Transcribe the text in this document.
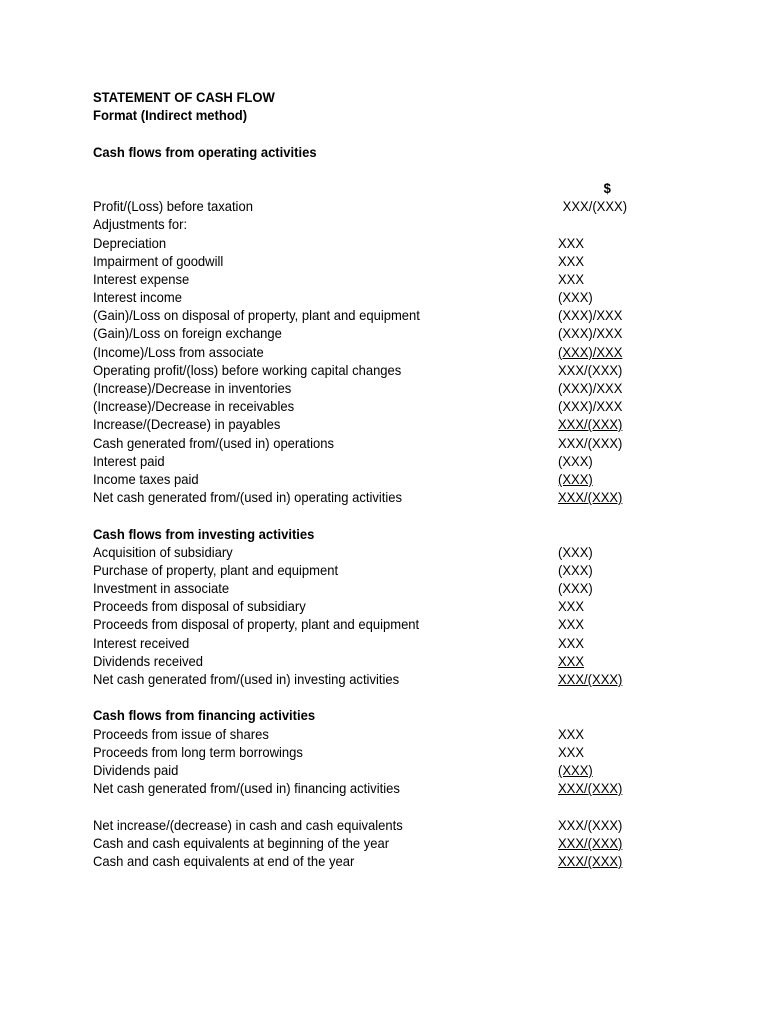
STATEMENT OF CASH FLOW
Format (Indirect method)
Cash flows from operating activities
$
Profit/(Loss) before taxation	XXX/(XXX)
Adjustments for:
Depreciation	XXX
Impairment of goodwill	XXX
Interest expense	XXX
Interest income	(XXX)
(Gain)/Loss on disposal of property, plant and equipment	(XXX)/XXX
(Gain)/Loss on foreign exchange	(XXX)/XXX
(Income)/Loss from associate	(XXX)/XXX
Operating profit/(loss) before working capital changes	XXX/(XXX)
(Increase)/Decrease in inventories	(XXX)/XXX
(Increase)/Decrease in receivables	(XXX)/XXX
Increase/(Decrease) in payables	XXX/(XXX)
Cash generated from/(used in) operations	XXX/(XXX)
Interest paid	(XXX)
Income taxes paid	(XXX)
Net cash generated from/(used in) operating activities	XXX/(XXX)
Cash flows from investing activities
Acquisition of subsidiary	(XXX)
Purchase of property, plant and equipment	(XXX)
Investment in associate	(XXX)
Proceeds from disposal of subsidiary	XXX
Proceeds from disposal of property, plant and equipment	XXX
Interest received	XXX
Dividends received	XXX
Net cash generated from/(used in) investing activities	XXX/(XXX)
Cash flows from financing activities
Proceeds from issue of shares	XXX
Proceeds from long term borrowings	XXX
Dividends paid	(XXX)
Net cash generated from/(used in) financing activities	XXX/(XXX)
Net increase/(decrease) in cash and cash equivalents	XXX/(XXX)
Cash and cash equivalents at beginning of the year	XXX/(XXX)
Cash and cash equivalents at end of the year	XXX/(XXX)
